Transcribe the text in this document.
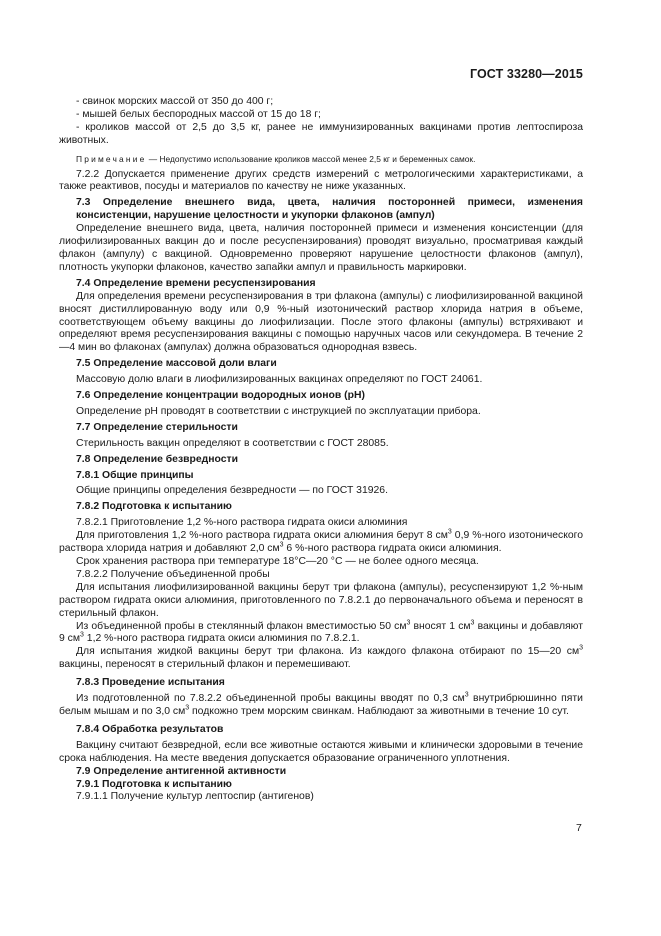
ГОСТ 33280—2015

- свинок морских массой от 350 до 400 г;

- мышей белых беспородных массой от 15 до 18 г;

- кроликов массой от 2,5 до 3,5 кг, ранее не иммунизированных вакцинами против лептоспироза животных.

Примечание — Недопустимо использование кроликов массой менее 2,5 кг и беременных самок.

7.2.2 Допускается применение других средств измерений с метрологическими характеристиками, а также реактивов, посуды и материалов по качеству не ниже указанных.

7.3 Определение внешнего вида, цвета, наличия посторонней примеси, изменения консистенции, нарушение целостности и укупорки флаконов (ампул)

Определение внешнего вида, цвета, наличия посторонней примеси и изменения консистенции (для лиофилизированных вакцин до и после ресуспензирования) проводят визуально, просматривая каждый флакон (ампулу) с вакциной. Одновременно проверяют нарушение целостности флаконов (ампул), плотность укупорки флаконов, качество запайки ампул и правильность маркировки.

7.4 Определение времени ресуспензирования

Для определения времени ресуспензирования в три флакона (ампулы) с лиофилизированной вакциной вносят дистиллированную воду или 0,9 %-ный изотонический раствор хлорида натрия в объеме, соответствующем объему вакцины до лиофилизации. После этого флаконы (ампулы) встряхивают и определяют время ресуспензирования вакцины с помощью наручных часов или секундомера. В течение 2—4 мин во флаконах (ампулах) должна образоваться однородная взвесь.

7.5 Определение массовой доли влаги

Массовую долю влаги в лиофилизированных вакцинах определяют по ГОСТ 24061.

7.6 Определение концентрации водородных ионов (pH)

Определение pH проводят в соответствии с инструкцией по эксплуатации прибора.

7.7 Определение стерильности

Стерильность вакцин определяют в соответствии с ГОСТ 28085.

7.8 Определение безвредности

7.8.1 Общие принципы

Общие принципы определения безвредности — по ГОСТ 31926.

7.8.2 Подготовка к испытанию

7.8.2.1 Приготовление 1,2 %-ного раствора гидрата окиси алюминия

Для приготовления 1,2 %-ного раствора гидрата окиси алюминия берут 8 $см^3$ 0,9 %-ного изотонического раствора хлорида натрия и добавляют 2,0 $см^3$ 6 %-ного раствора гидрата окиси алюминия.

Срок хранения раствора при температуре 18°С—20 °С — не более одного месяца.

7.8.2.2 Получение объединенной пробы

Для испытания лиофилизированной вакцины берут три флакона (ампулы), ресуспензируют 1,2 %-ным раствором гидрата окиси алюминия, приготовленного по 7.8.2.1 до первоначального объема и переносят в стерильный флакон.

Из объединенной пробы в стеклянный флакон вместимостью 50 $см^3$ вносят 1 $см^3$ вакцины и добавляют 9 $см^3$ 1,2 %-ного раствора гидрата окиси алюминия по 7.8.2.1.

Для испытания жидкой вакцины берут три флакона. Из каждого флакона отбирают по 15—20 $см^3$ вакцины, переносят в стерильный флакон и перемешивают.

7.8.3 Проведение испытания

Из подготовленной по 7.8.2.2 объединенной пробы вакцины вводят по 0,3 $см^3$ внутрибрюшинно пяти белым мышам и по 3,0 $см^3$ подкожно трем морским свинкам. Наблюдают за животными в течение 10 сут.

7.8.4 Обработка результатов

Вакцину считают безвредной, если все животные остаются живыми и клинически здоровыми в течение срока наблюдения. На месте введения допускается образование ограниченного уплотнения.

7.9 Определение антигенной активности

7.9.1 Подготовка к испытанию

7.9.1.1 Получение культур лептоспир (антигенов)

7
